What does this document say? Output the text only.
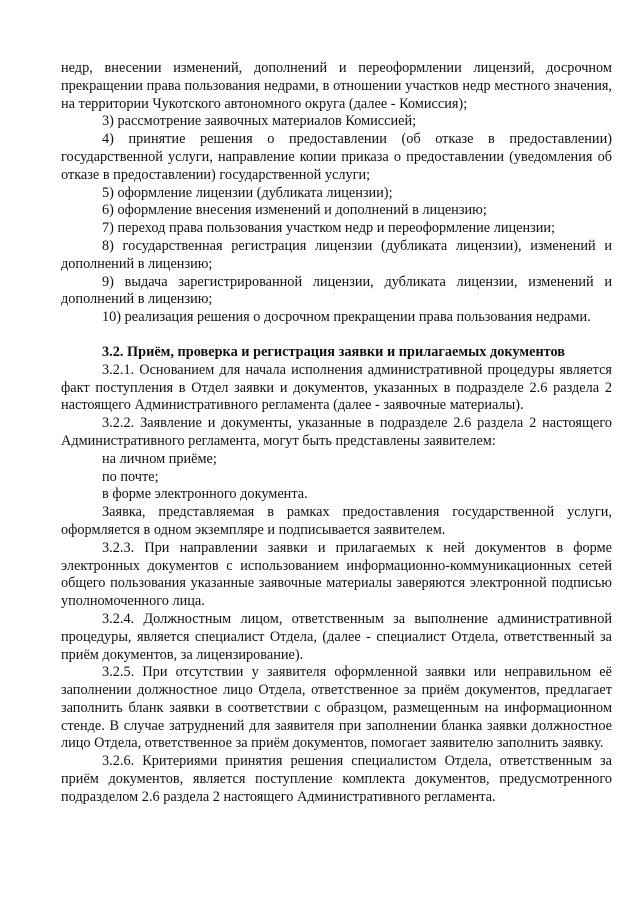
недр, внесении изменений, дополнений и переоформлении лицензий, досрочном прекращении права пользования недрами, в отношении участков недр местного значения, на территории Чукотского автономного округа (далее - Комиссия);

3) рассмотрение заявочных материалов Комиссией;

4) принятие решения о предоставлении (об отказе в предоставлении) государственной услуги, направление копии приказа о предоставлении (уведомления об отказе в предоставлении) государственной услуги;

5) оформление лицензии (дубликата лицензии);

6) оформление внесения изменений и дополнений в лицензию;

7) переход права пользования участком недр и переоформление лицензии;

8) государственная регистрация лицензии (дубликата лицензии), изменений и дополнений в лицензию;

9) выдача зарегистрированной лицензии, дубликата лицензии, изменений и дополнений в лицензию;

10) реализация решения о досрочном прекращении права пользования недрами.

3.2. Приём, проверка и регистрация заявки и прилагаемых документов

3.2.1. Основанием для начала исполнения административной процедуры является факт поступления в Отдел заявки и документов, указанных в подразделе 2.6 раздела 2 настоящего Административного регламента (далее - заявочные материалы).

3.2.2. Заявление и документы, указанные в подразделе 2.6 раздела 2 настоящего Административного регламента, могут быть представлены заявителем:

на личном приёме;

по почте;

в форме электронного документа.

Заявка, представляемая в рамках предоставления государственной услуги, оформляется в одном экземпляре и подписывается заявителем.

3.2.3. При направлении заявки и прилагаемых к ней документов в форме электронных документов с использованием информационно-коммуникационных сетей общего пользования указанные заявочные материалы заверяются электронной подписью уполномоченного лица.

3.2.4. Должностным лицом, ответственным за выполнение административной процедуры, является специалист Отдела, (далее - специалист Отдела, ответственный за приём документов, за лицензирование).

3.2.5. При отсутствии у заявителя оформленной заявки или неправильном её заполнении должностное лицо Отдела, ответственное за приём документов, предлагает заполнить бланк заявки в соответствии с образцом, размещенным на информационном стенде. В случае затруднений для заявителя при заполнении бланка заявки должностное лицо Отдела, ответственное за приём документов, помогает заявителю заполнить заявку.

3.2.6. Критериями принятия решения специалистом Отдела, ответственным за приём документов, является поступление комплекта документов, предусмотренного подразделом 2.6 раздела 2 настоящего Административного регламента.
